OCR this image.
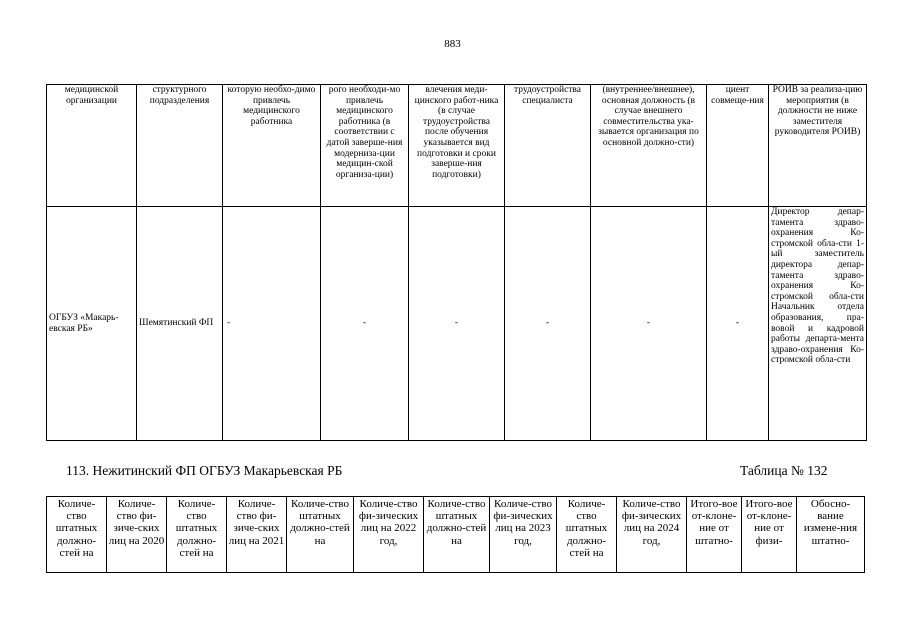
883
медицинской организации	структурного подразделения	которую необхо-димо привлечь медицинского работника	рого необходи-мо привлечь медицинского работника (в соответствии с датой заверше-ния модерниза-ции медицин-ской организа-ции)	влечения меди-цинского работ-ника (в случае трудоустройства после обучения указывается вид подготовки и сроки заверше-ния подготовки)	трудоустройства специалиста	(внутреннее/внешнее), основная должность (в случае внешнего совместительства ука-зывается организация по основной должно-сти)	циент совмеще-ния	РОИВ за реализа-цию мероприятия (в должности не ниже заместителя руководителя РОИВ)
ОГБУЗ «Макарь-евская РБ»	Шемятинский ФП	-	-	-	-	-	-	Директор депар-тамента здраво-охранения Ко-стромской обла-сти 1-ый заместитель директора депар-тамента здраво-охранения Ко-стромской обла-сти Начальник отдела образования, пра-вовой и кадровой работы департа-мента здраво-охранения Ко-стромской обла-сти
113. Нежитинский ФП ОГБУЗ Макарьевская РБ	Таблица № 132
Количе-ство штатных должно-стей на	Количе-ство фи-зиче-ских лиц на 2020	Количе-ство штатных должно-стей на	Количе-ство фи-зиче-ских лиц на 2021	Количе-ство штатных должно-стей на	Количе-ство фи-зических лиц на 2022 год,	Количе-ство штатных должно-стей на	Количе-ство фи-зических лиц на 2023 год,	Количе-ство штатных должно-стей на	Количе-ство фи-зических лиц на 2024 год,	Итого-вое от-клоне-ние от штатно-	Итого-вое от-клоне-ние от физи-	Обосно-вание измене-ния штатно-
